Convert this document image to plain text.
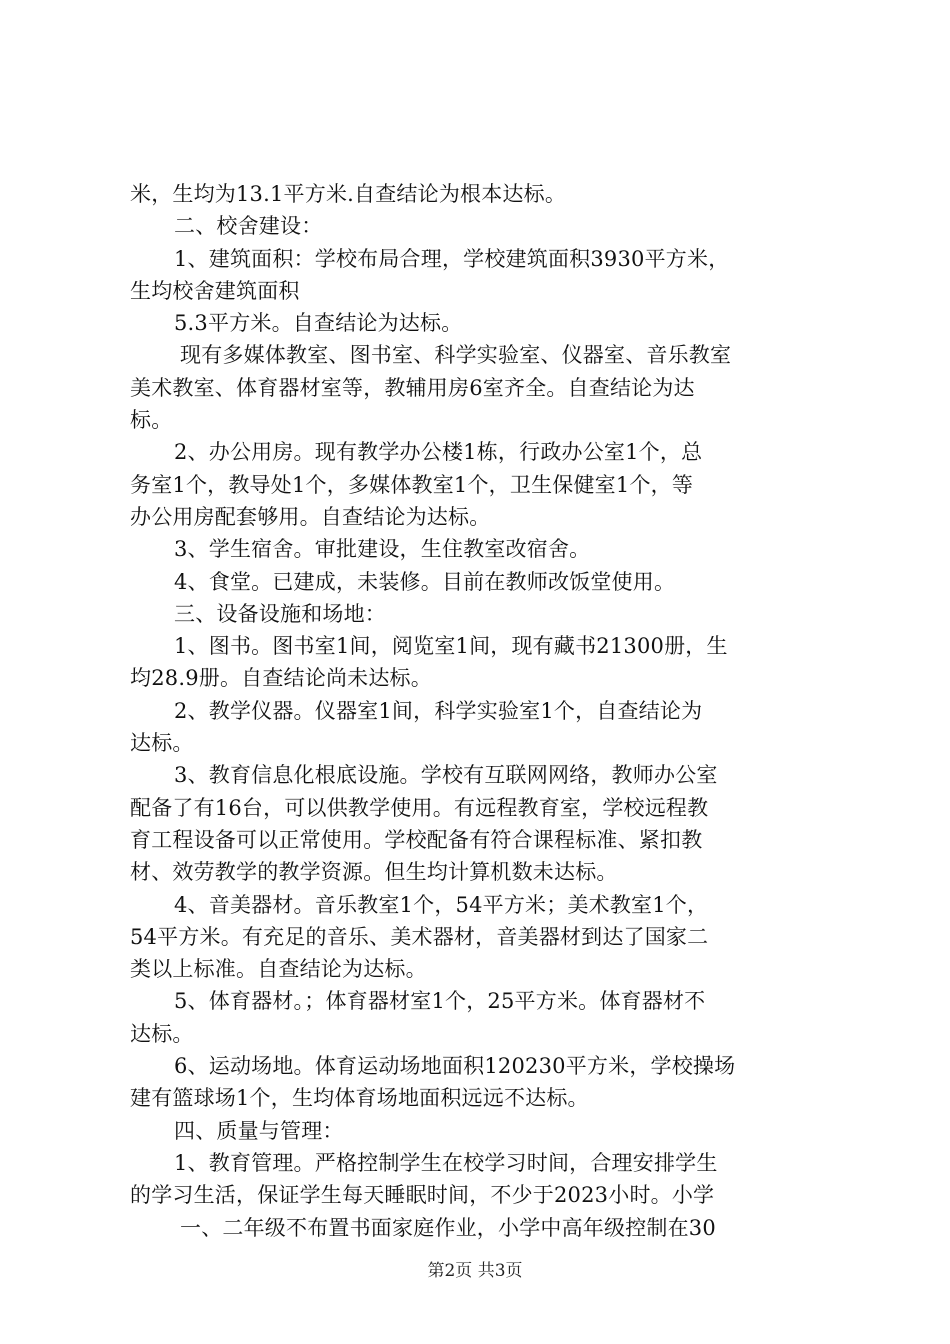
米，生均为13.1平方米.自查结论为根本达标。
二、校舍建设：
1、建筑面积：学校布局合理，学校建筑面积3930平方米，
生均校舍建筑面积
5.3平方米。自查结论为达标。
现有多媒体教室、图书室、科学实验室、仪器室、音乐教室
美术教室、体育器材室等，教辅用房6室齐全。自查结论为达
标。
2、办公用房。现有教学办公楼1栋，行政办公室1个，总
务室1个，教导处1个，多媒体教室1个，卫生保健室1个，等
办公用房配套够用。自查结论为达标。
3、学生宿舍。审批建设，生住教室改宿舍。
4、食堂。已建成，未装修。目前在教师改饭堂使用。
三、设备设施和场地：
1、图书。图书室1间，阅览室1间，现有藏书21300册，生
均28.9册。自查结论尚未达标。
2、教学仪器。仪器室1间，科学实验室1个，自查结论为
达标。
3、教育信息化根底设施。学校有互联网网络，教师办公室
配备了有16台，可以供教学使用。有远程教育室，学校远程教
育工程设备可以正常使用。学校配备有符合课程标准、紧扣教
材、效劳教学的教学资源。但生均计算机数未达标。
4、音美器材。音乐教室1个，54平方米；美术教室1个，
54平方米。有充足的音乐、美术器材，音美器材到达了国家二
类以上标准。自查结论为达标。
5、体育器材。；体育器材室1个，25平方米。体育器材不
达标。
6、运动场地。体育运动场地面积120230平方米，学校操场
建有篮球场1个，生均体育场地面积远远不达标。
四、质量与管理：
1、教育管理。严格控制学生在校学习时间，合理安排学生
的学习生活，保证学生每天睡眠时间，不少于2023小时。小学
一、二年级不布置书面家庭作业，小学中高年级控制在30
第2页 共3页
